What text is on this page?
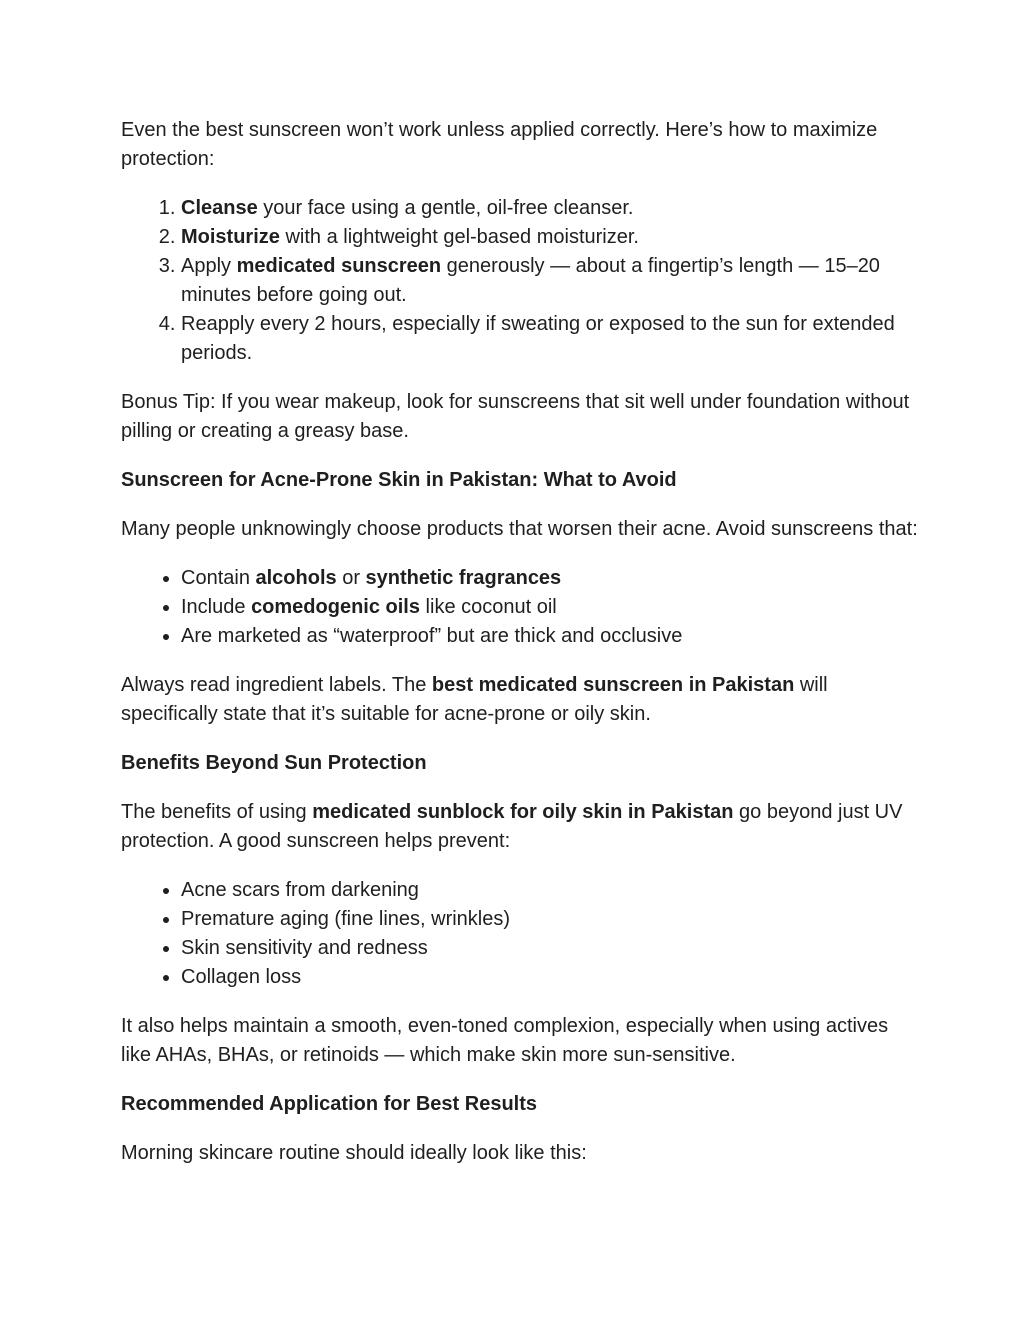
Even the best sunscreen won’t work unless applied correctly. Here’s how to maximize protection:

1. Cleanse your face using a gentle, oil-free cleanser.
2. Moisturize with a lightweight gel-based moisturizer.
3. Apply medicated sunscreen generously — about a fingertip’s length — 15–20 minutes before going out.
4. Reapply every 2 hours, especially if sweating or exposed to the sun for extended periods.

Bonus Tip: If you wear makeup, look for sunscreens that sit well under foundation without pilling or creating a greasy base.

Sunscreen for Acne-Prone Skin in Pakistan: What to Avoid

Many people unknowingly choose products that worsen their acne. Avoid sunscreens that:

• Contain alcohols or synthetic fragrances
• Include comedogenic oils like coconut oil
• Are marketed as “waterproof” but are thick and occlusive

Always read ingredient labels. The best medicated sunscreen in Pakistan will specifically state that it’s suitable for acne-prone or oily skin.

Benefits Beyond Sun Protection

The benefits of using medicated sunblock for oily skin in Pakistan go beyond just UV protection. A good sunscreen helps prevent:

• Acne scars from darkening
• Premature aging (fine lines, wrinkles)
• Skin sensitivity and redness
• Collagen loss

It also helps maintain a smooth, even-toned complexion, especially when using actives like AHAs, BHAs, or retinoids — which make skin more sun-sensitive.

Recommended Application for Best Results

Morning skincare routine should ideally look like this:
